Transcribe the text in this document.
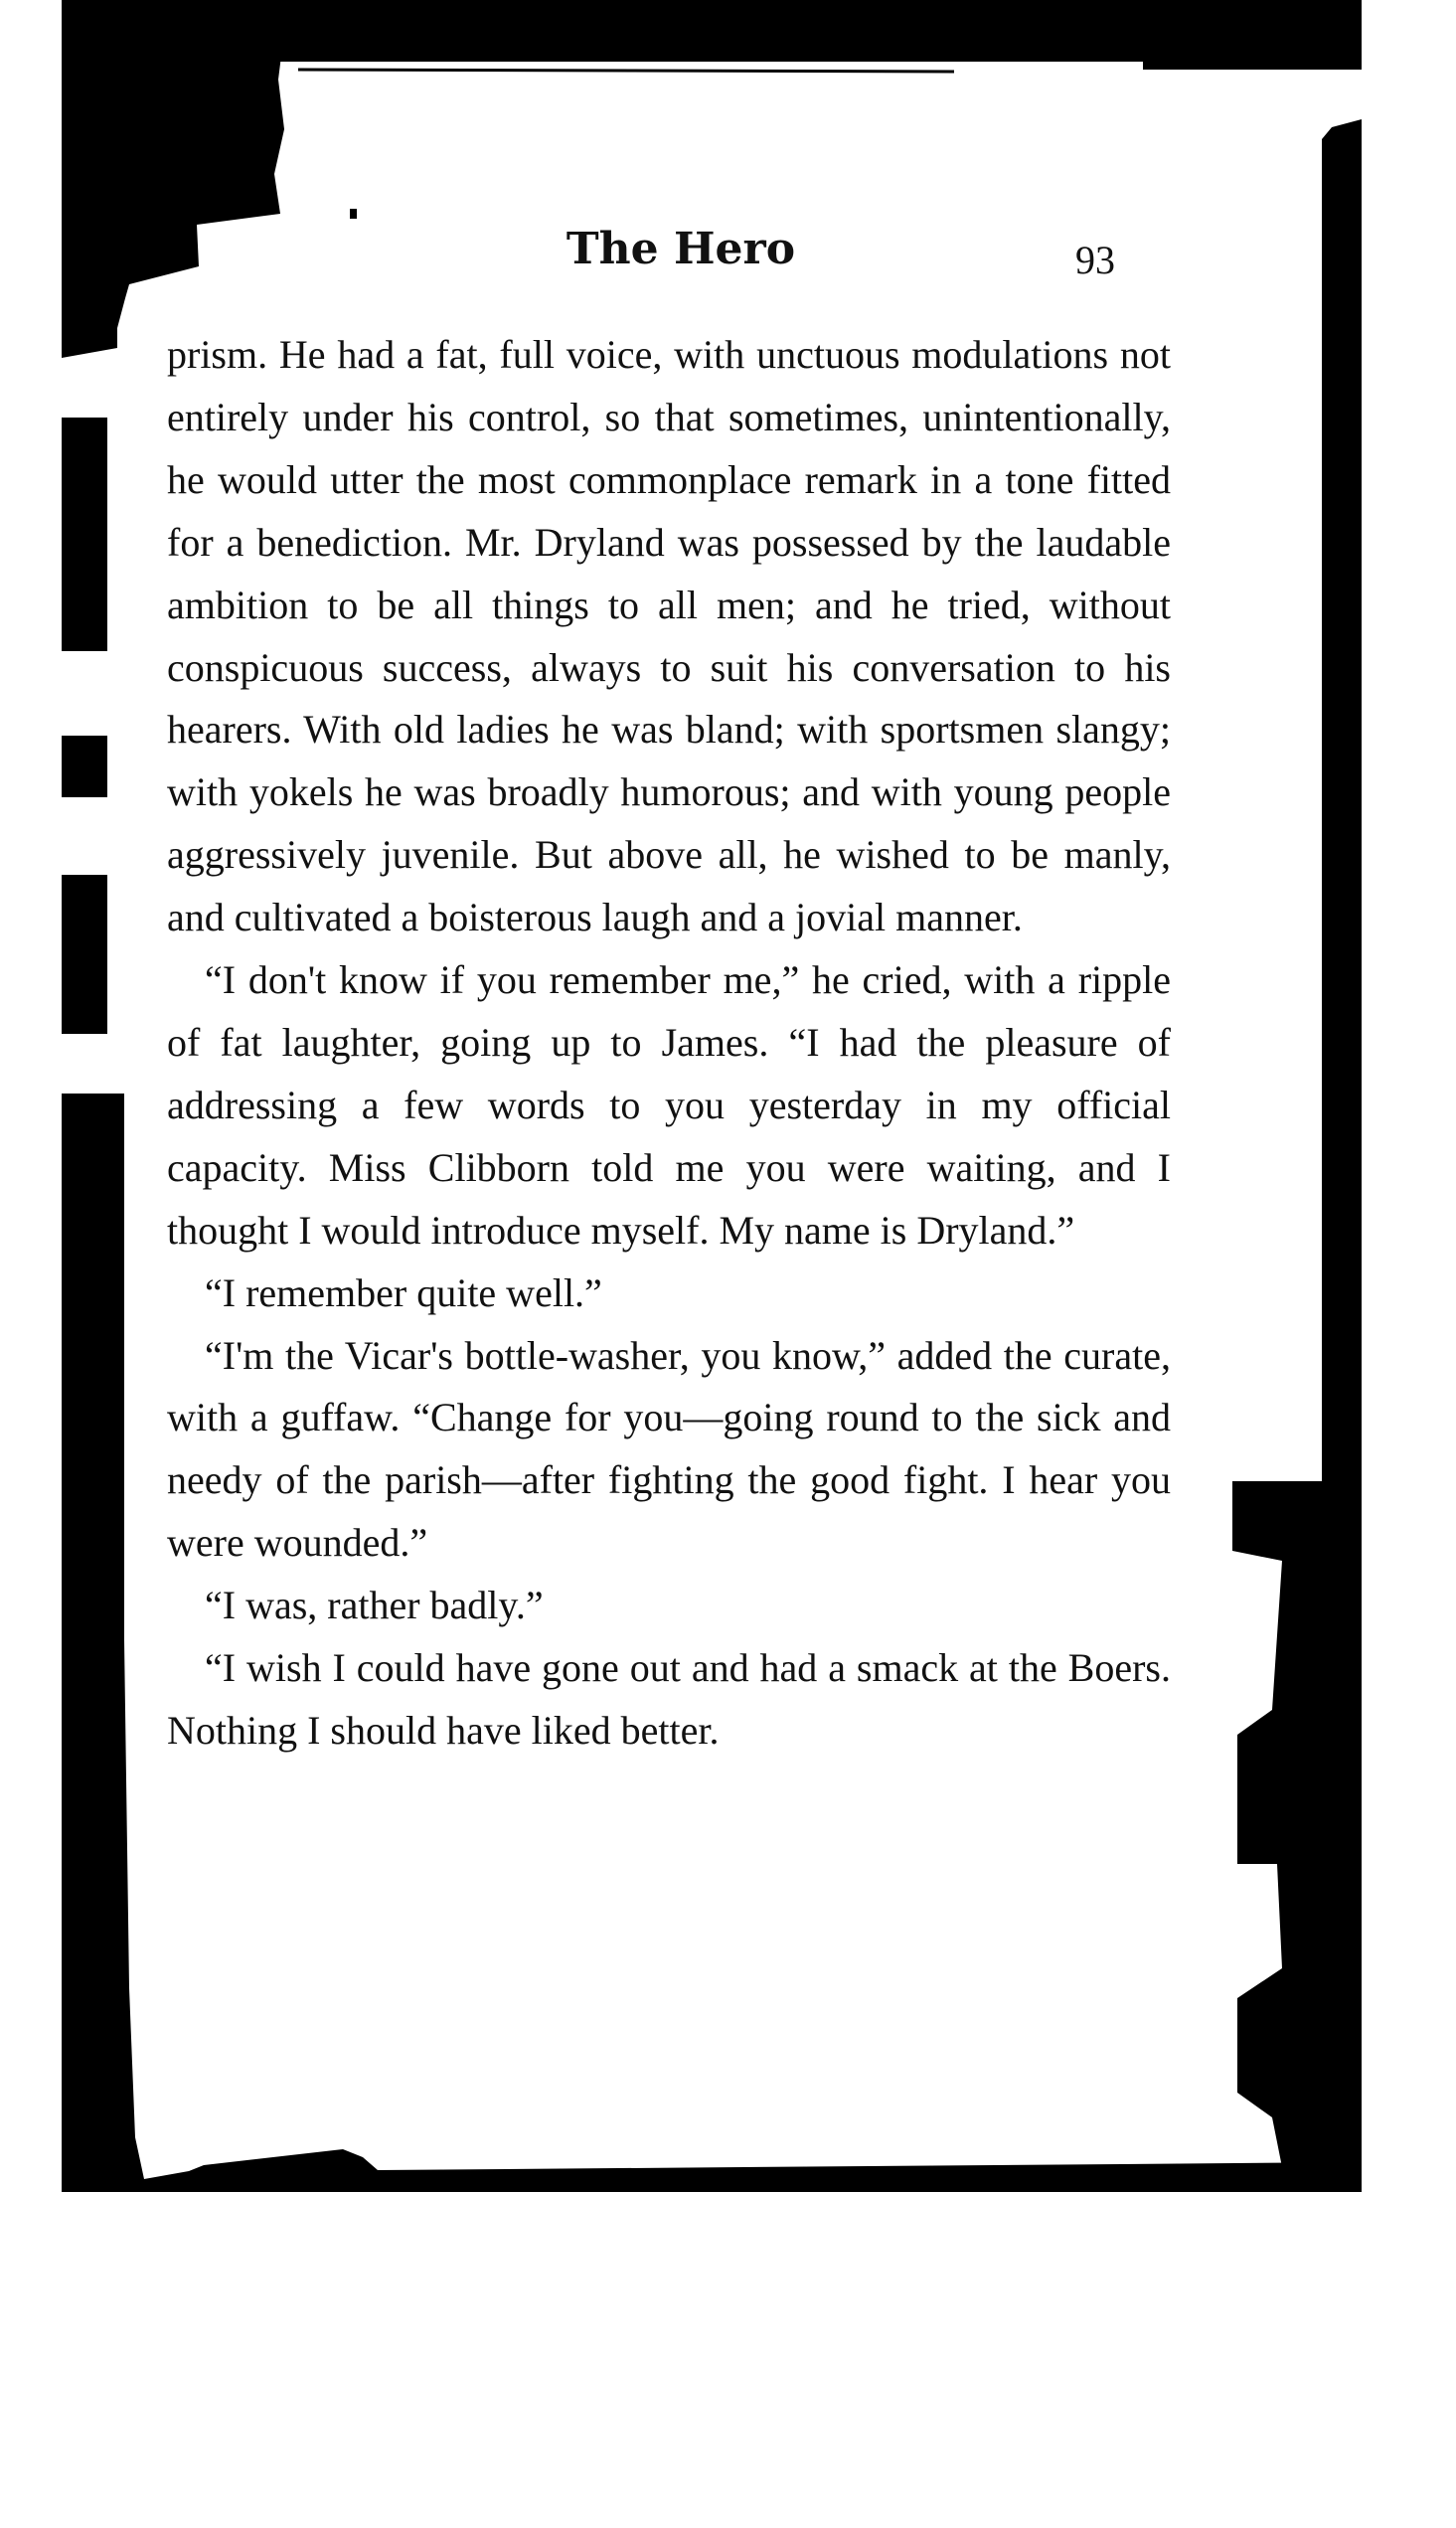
The Hero	93

prism. He had a fat, full voice, with unctuous modulations not entirely under his control, so that sometimes, unintentionally, he would utter the most commonplace remark in a tone fitted for a benediction. Mr. Dryland was possessed by the laudable ambition to be all things to all men; and he tried, without conspicuous success, always to suit his conversation to his hearers. With old ladies he was bland; with sportsmen slangy; with yokels he was broadly humorous; and with young people aggressively juvenile. But above all, he wished to be manly, and cultivated a boisterous laugh and a jovial manner.

“I don't know if you remember me,” he cried, with a ripple of fat laughter, going up to James. “I had the pleasure of addressing a few words to you yesterday in my official capacity. Miss Clibborn told me you were waiting, and I thought I would introduce myself. My name is Dryland.”

“I remember quite well.”

“I'm the Vicar's bottle-washer, you know,” added the curate, with a guffaw. “Change for you—going round to the sick and needy of the parish—after fighting the good fight. I hear you were wounded.”

“I was, rather badly.”

“I wish I could have gone out and had a smack at the Boers. Nothing I should have liked better.
